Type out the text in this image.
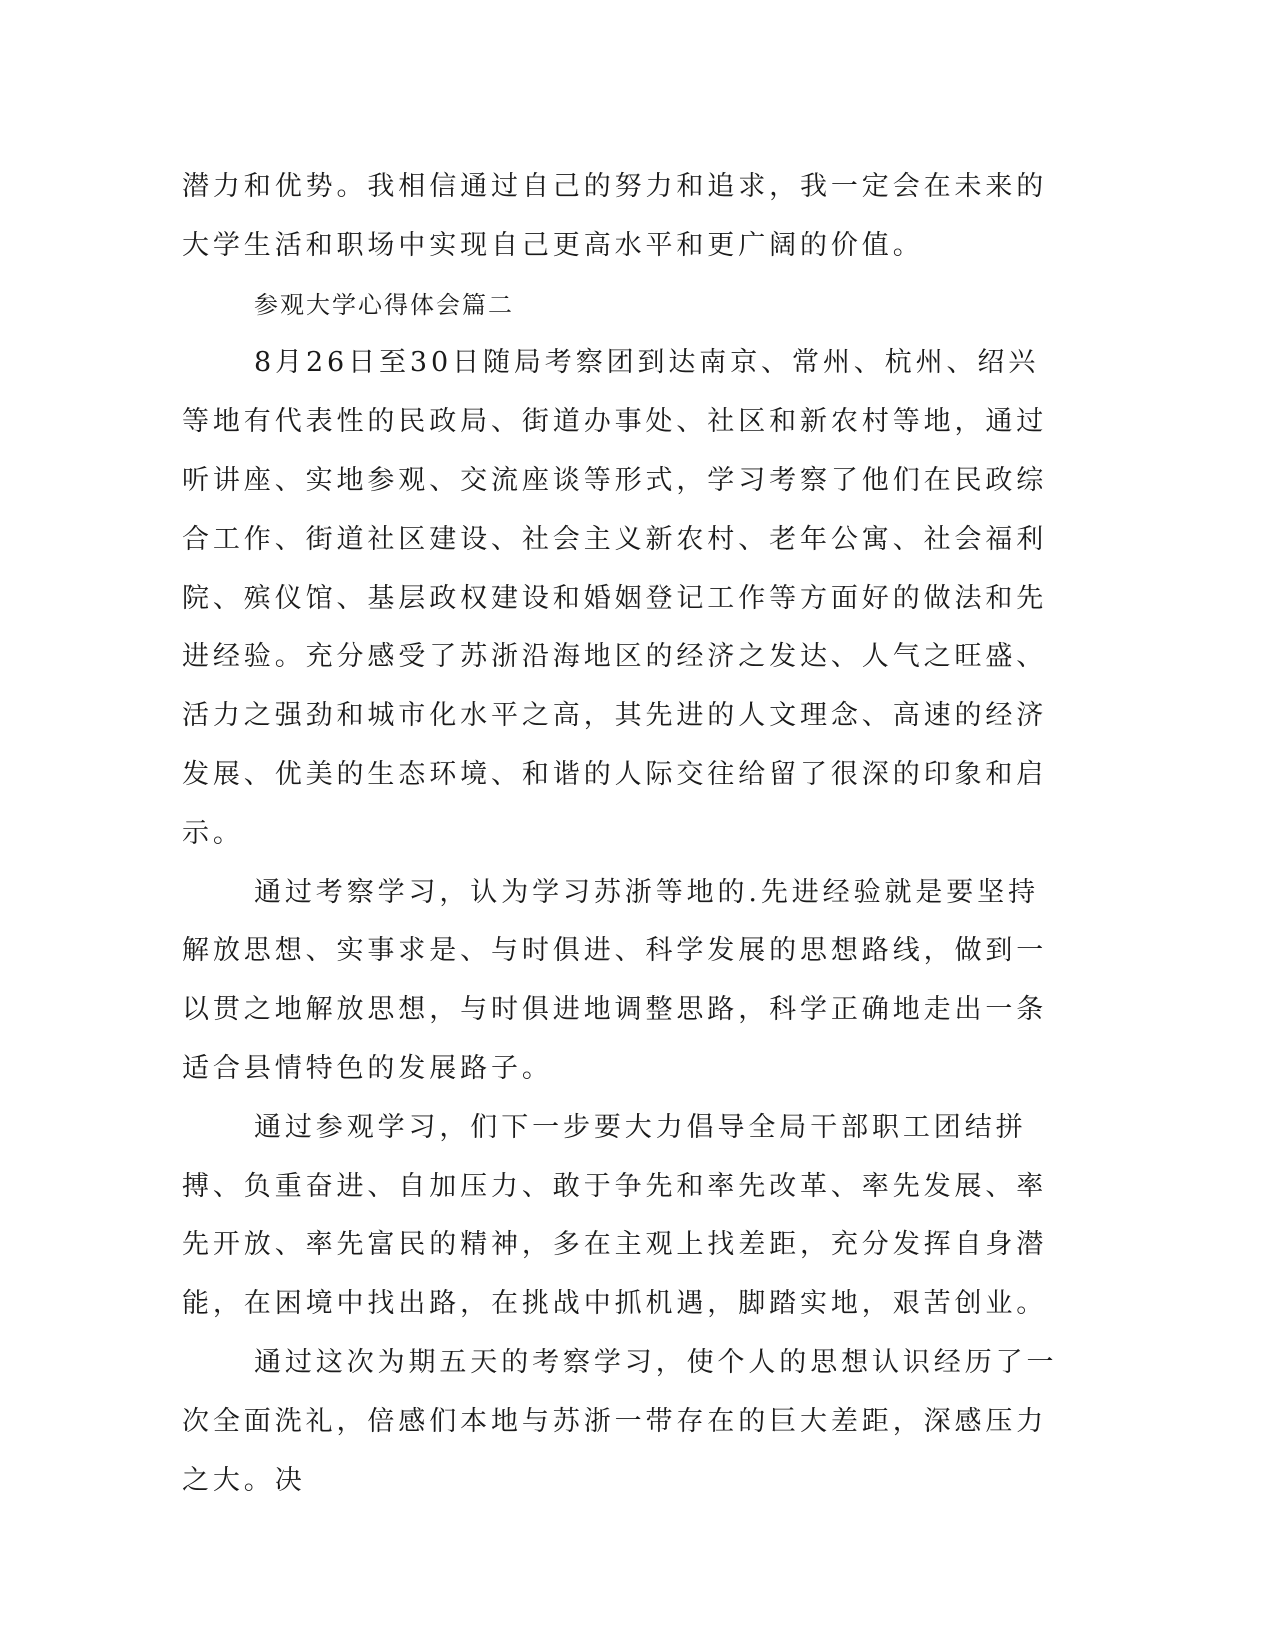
潜力和优势。我相信通过自己的努力和追求，我一定会在未来的大学生活和职场中实现自己更高水平和更广阔的价值。

参观大学心得体会篇二

8月26日至30日随局考察团到达南京、常州、杭州、绍兴等地有代表性的民政局、街道办事处、社区和新农村等地，通过听讲座、实地参观、交流座谈等形式，学习考察了他们在民政综合工作、街道社区建设、社会主义新农村、老年公寓、社会福利院、殡仪馆、基层政权建设和婚姻登记工作等方面好的做法和先进经验。充分感受了苏浙沿海地区的经济之发达、人气之旺盛、活力之强劲和城市化水平之高，其先进的人文理念、高速的经济发展、优美的生态环境、和谐的人际交往给留了很深的印象和启示。

通过考察学习，认为学习苏浙等地的.先进经验就是要坚持解放思想、实事求是、与时俱进、科学发展的思想路线，做到一以贯之地解放思想，与时俱进地调整思路，科学正确地走出一条适合县情特色的发展路子。

通过参观学习，们下一步要大力倡导全局干部职工团结拼搏、负重奋进、自加压力、敢于争先和率先改革、率先发展、率先开放、率先富民的精神，多在主观上找差距，充分发挥自身潜能，在困境中找出路，在挑战中抓机遇，脚踏实地，艰苦创业。

通过这次为期五天的考察学习，使个人的思想认识经历了一次全面洗礼，倍感们本地与苏浙一带存在的巨大差距，深感压力之大。决
